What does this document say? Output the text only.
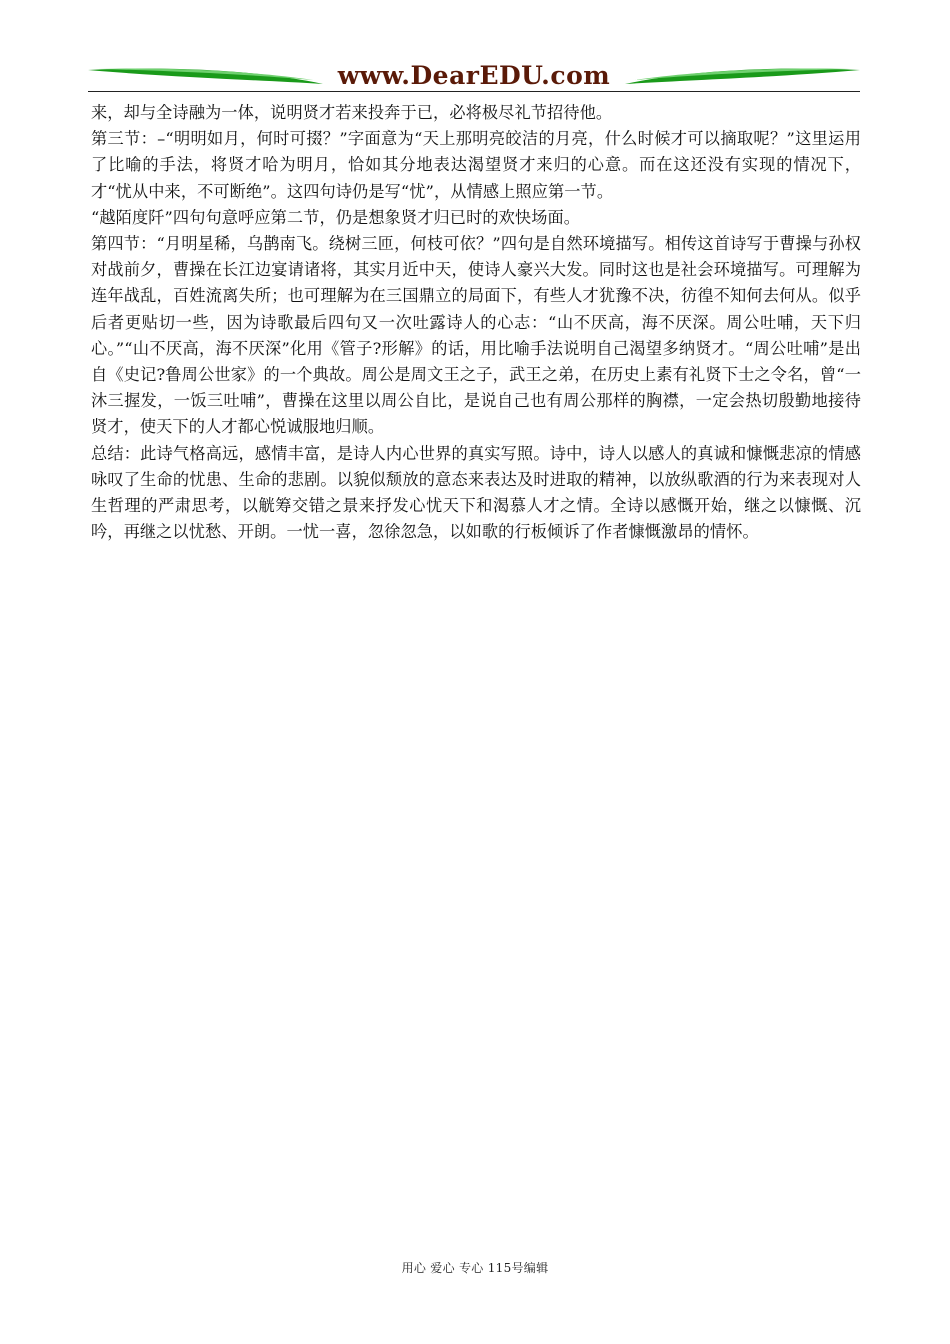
www.DearEDU.com

来，却与全诗融为一体，说明贤才若来投奔于已，必将极尽礼节招待他。

第三节：–“明明如月，何时可掇？”字面意为“天上那明亮皎洁的月亮，什么时候才可以摘取呢？”这里运用了比喻的手法，将贤才哈为明月，恰如其分地表达渴望贤才来归的心意。而在这还没有实现的情况下，才“忧从中来，不可断绝”。这四句诗仍是写“忧”，从情感上照应第一节。

“越陌度阡”四句句意呼应第二节，仍是想象贤才归已时的欢快场面。

第四节：“月明星稀，乌鹊南飞。绕树三匝，何枝可依？”四句是自然环境描写。相传这首诗写于曹操与孙权对战前夕，曹操在长江边宴请诸将，其实月近中天，使诗人豪兴大发。同时这也是社会环境描写。可理解为连年战乱，百姓流离失所；也可理解为在三国鼎立的局面下，有些人才犹豫不决，彷徨不知何去何从。似乎后者更贴切一些，因为诗歌最后四句又一次吐露诗人的心志：“山不厌高，海不厌深。周公吐哺，天下归心。”“山不厌高，海不厌深”化用《管子?形解》的话，用比喻手法说明自己渴望多纳贤才。“周公吐哺”是出自《史记?鲁周公世家》的一个典故。周公是周文王之子，武王之弟，在历史上素有礼贤下士之令名，曾“一沐三握发，一饭三吐哺”，曹操在这里以周公自比，是说自己也有周公那样的胸襟，一定会热切殷勤地接待贤才，使天下的人才都心悦诚服地归顺。

总结：此诗气格高远，感情丰富，是诗人内心世界的真实写照。诗中，诗人以感人的真诚和慷慨悲凉的情感咏叹了生命的忧患、生命的悲剧。以貌似颓放的意态来表达及时进取的精神，以放纵歌酒的行为来表现对人生哲理的严肃思考，以觥筹交错之景来抒发心忧天下和渴慕人才之情。全诗以感慨开始，继之以慷慨、沉吟，再继之以忧愁、开朗。一忧一喜，忽徐忽急，以如歌的行板倾诉了作者慷慨激昂的情怀。

用心 爱心 专心 115号编辑
